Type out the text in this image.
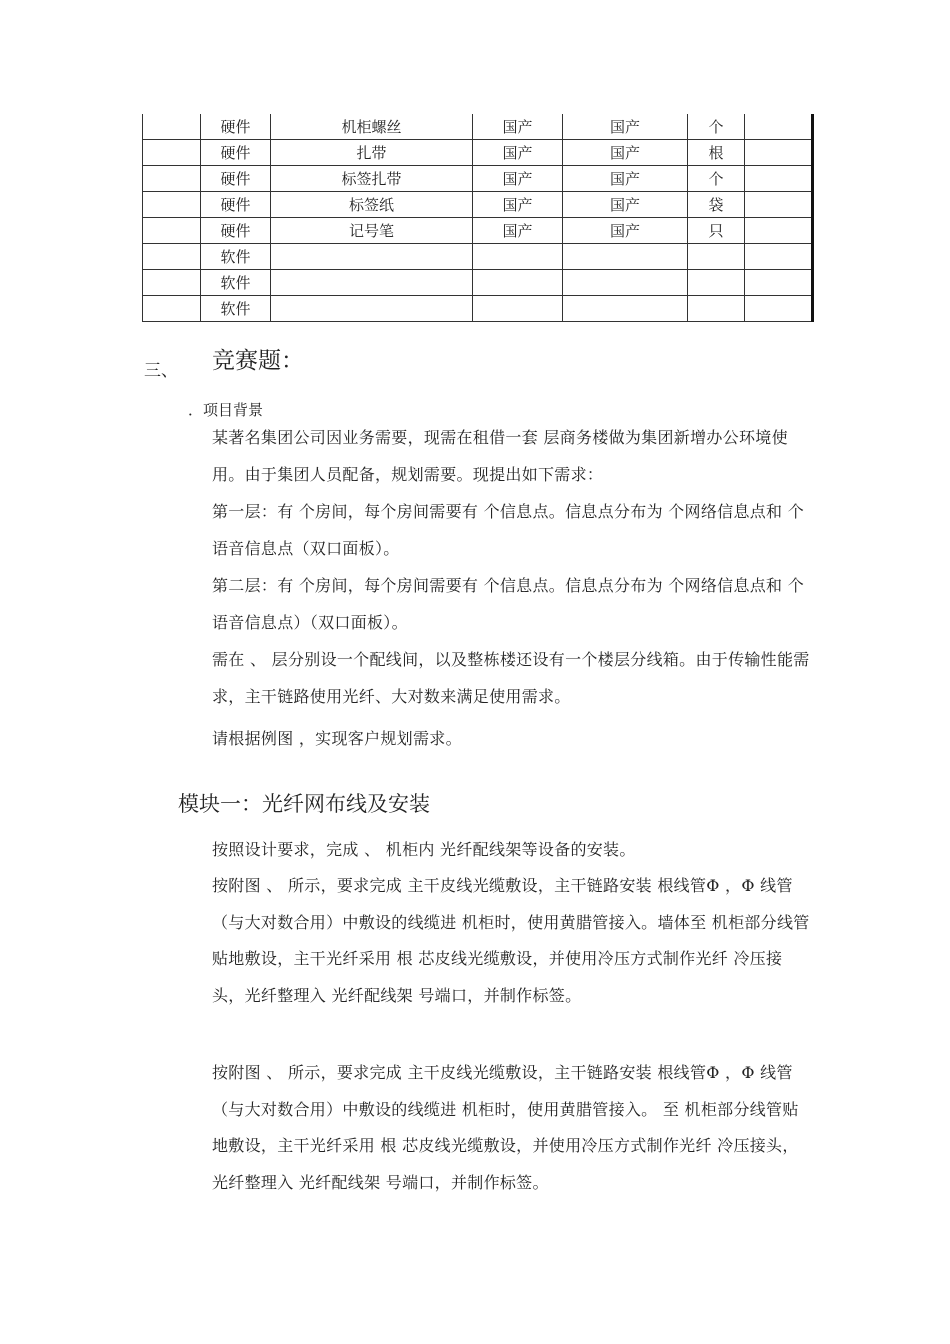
	硬件	机柜螺丝	国产	国产	个	
	硬件	扎带	国产	国产	根	
	硬件	标签扎带	国产	国产	个	
	硬件	标签纸	国产	国产	袋	
	硬件	记号笔	国产	国产	只	
	软件					
	软件					
	软件					
三、 竞赛题：
．项目背景

某著名集团公司因业务需要，现需在租借一套 层商务楼做为集团新增办公环境使用。由于集团人员配备，规划需要。现提出如下需求：

第一层：有 个房间，每个房间需要有 个信息点。信息点分布为 个网络信息点和 个语音信息点（双口面板）。

第二层：有 个房间，每个房间需要有 个信息点。信息点分布为 个网络信息点和 个语音信息点）（双口面板）。

需在 、 层分别设一个配线间，以及整栋楼还设有一个楼层分线箱。由于传输性能需求，主干链路使用光纤、大对数来满足使用需求。

请根据例图 ，实现客户规划需求。

模块一：光纤网布线及安装

按照设计要求，完成 、 机柜内 光纤配线架等设备的安装。

按附图 、 所示，要求完成 主干皮线光缆敷设，主干链路安装 根线管Φ ，Φ 线管（与大对数合用）中敷设的线缆进 机柜时，使用黄腊管接入。墙体至 机柜部分线管贴地敷设，主干光纤采用 根 芯皮线光缆敷设，并使用冷压方式制作光纤 冷压接头，光纤整理入 光纤配线架 号端口，并制作标签。

按附图 、 所示，要求完成 主干皮线光缆敷设，主干链路安装 根线管Φ ，Φ 线管（与大对数合用）中敷设的线缆进 机柜时，使用黄腊管接入。 至 机柜部分线管贴地敷设，主干光纤采用 根 芯皮线光缆敷设，并使用冷压方式制作光纤 冷压接头，光纤整理入 光纤配线架 号端口，并制作标签。
